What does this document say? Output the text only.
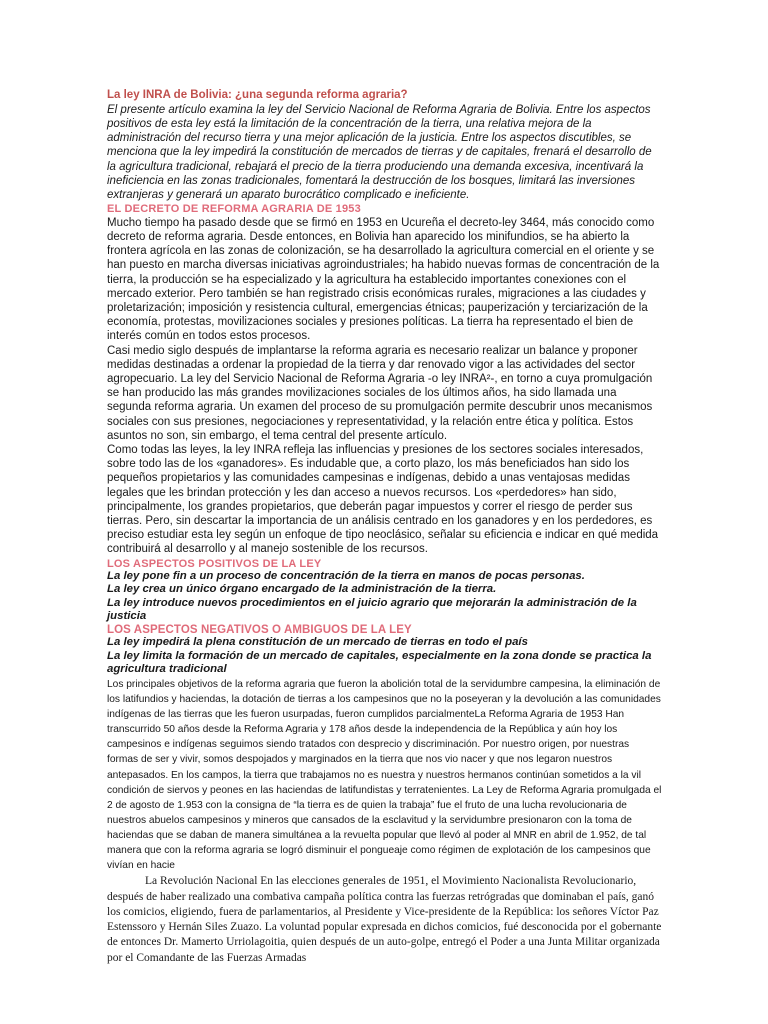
La ley INRA de Bolivia: ¿una segunda reforma agraria?
El presente artículo examina la ley del Servicio Nacional de Reforma Agraria de Bolivia. Entre los aspectos positivos de esta ley está la limitación de la concentración de la tierra, una relativa mejora de la administración del recurso tierra y una mejor aplicación de la justicia. Entre los aspectos discutibles, se menciona que la ley impedirá la constitución de mercados de tierras y de capitales, frenará el desarrollo de la agricultura tradicional, rebajará el precio de la tierra produciendo una demanda excesiva, incentivará la ineficiencia en las zonas tradicionales, fomentará la destrucción de los bosques, limitará las inversiones extranjeras y generará un aparato burocrático complicado e ineficiente.
EL DECRETO DE REFORMA AGRARIA DE 1953
Mucho tiempo ha pasado desde que se firmó en 1953 en Ucureña el decreto-ley 3464, más conocido como decreto de reforma agraria. Desde entonces, en Bolivia han aparecido los minifundios, se ha abierto la frontera agrícola en las zonas de colonización, se ha desarrollado la agricultura comercial en el oriente y se han puesto en marcha diversas iniciativas agroindustriales; ha habido nuevas formas de concentración de la tierra, la producción se ha especializado y la agricultura ha establecido importantes conexiones con el mercado exterior. Pero también se han registrado crisis económicas rurales, migraciones a las ciudades y proletarización; imposición y resistencia cultural, emergencias étnicas; pauperización y terciarización de la economía, protestas, movilizaciones sociales y presiones políticas. La tierra ha representado el bien de interés común en todos estos procesos.
Casi medio siglo después de implantarse la reforma agraria es necesario realizar un balance y proponer medidas destinadas a ordenar la propiedad de la tierra y dar renovado vigor a las actividades del sector agropecuario. La ley del Servicio Nacional de Reforma Agraria -o ley INRA²-, en torno a cuya promulgación se han producido las más grandes movilizaciones sociales de los últimos años, ha sido llamada una segunda reforma agraria. Un examen del proceso de su promulgación permite descubrir unos mecanismos sociales con sus presiones, negociaciones y representatividad, y la relación entre ética y política. Estos asuntos no son, sin embargo, el tema central del presente artículo.
Como todas las leyes, la ley INRA refleja las influencias y presiones de los sectores sociales interesados, sobre todo las de los «ganadores». Es indudable que, a corto plazo, los más beneficiados han sido los pequeños propietarios y las comunidades campesinas e indígenas, debido a unas ventajosas medidas legales que les brindan protección y les dan acceso a nuevos recursos. Los «perdedores» han sido, principalmente, los grandes propietarios, que deberán pagar impuestos y correr el riesgo de perder sus tierras. Pero, sin descartar la importancia de un análisis centrado en los ganadores y en los perdedores, es preciso estudiar esta ley según un enfoque de tipo neoclásico, señalar su eficiencia e indicar en qué medida contribuirá al desarrollo y al manejo sostenible de los recursos.
LOS ASPECTOS POSITIVOS DE LA LEY
La ley pone fin a un proceso de concentración de la tierra en manos de pocas personas.
La ley crea un único órgano encargado de la administración de la tierra.
La ley introduce nuevos procedimientos en el juicio agrario que mejorarán la administración de la justicia
LOS ASPECTOS NEGATIVOS O AMBIGUOS DE LA LEY
La ley impedirá la plena constitución de un mercado de tierras en todo el país
La ley limita la formación de un mercado de capitales, especialmente en la zona donde se practica la agricultura tradicional
Los principales objetivos de la reforma agraria que fueron la abolición total de la servidumbre campesina, la eliminación de los latifundios y haciendas, la dotación de tierras a los campesinos que no la poseyeran y la devolución a las comunidades indígenas de las tierras que les fueron usurpadas, fueron cumplidos parcialmenteLa Reforma Agraria de 1953 Han transcurrido 50 años desde la Reforma Agraria y 178 años desde la independencia de la República y aún hoy los campesinos e indígenas seguimos siendo tratados con desprecio y discriminación. Por nuestro origen, por nuestras formas de ser y vivir, somos despojados y marginados en la tierra que nos vio nacer y que nos legaron nuestros antepasados. En los campos, la tierra que trabajamos no es nuestra y nuestros hermanos continúan sometidos a la vil condición de siervos y peones en las haciendas de latifundistas y terratenientes. La Ley de Reforma Agraria promulgada el 2 de agosto de 1.953 con la consigna de “la tierra es de quien la trabaja” fue el fruto de una lucha revolucionaria de nuestros abuelos campesinos y mineros que cansados de la esclavitud y la servidumbre presionaron con la toma de haciendas que se daban de manera simultánea a la revuelta popular que llevó al poder al MNR en abril de 1.952, de tal manera que con la reforma agraria se logró disminuir el pongueaje como régimen de explotación de los campesinos que vivían en hacie
La Revolución Nacional En las elecciones generales de 1951, el Movimiento Nacionalista Revolucionario, después de haber realizado una combativa campaña política contra las fuerzas retrógradas que dominaban el país, ganó los comicios, eligiendo, fuera de parlamentarios, al Presidente y Vice-presidente de la República: los señores Víctor Paz Estenssoro y Hernán Siles Zuazo. La voluntad popular expresada en dichos comicios, fué desconocida por el gobernante de entonces Dr. Mamerto Urriolagoitia, quien después de un auto-golpe, entregó el Poder a una Junta Militar organizada por el Comandante de las Fuerzas Armadas
